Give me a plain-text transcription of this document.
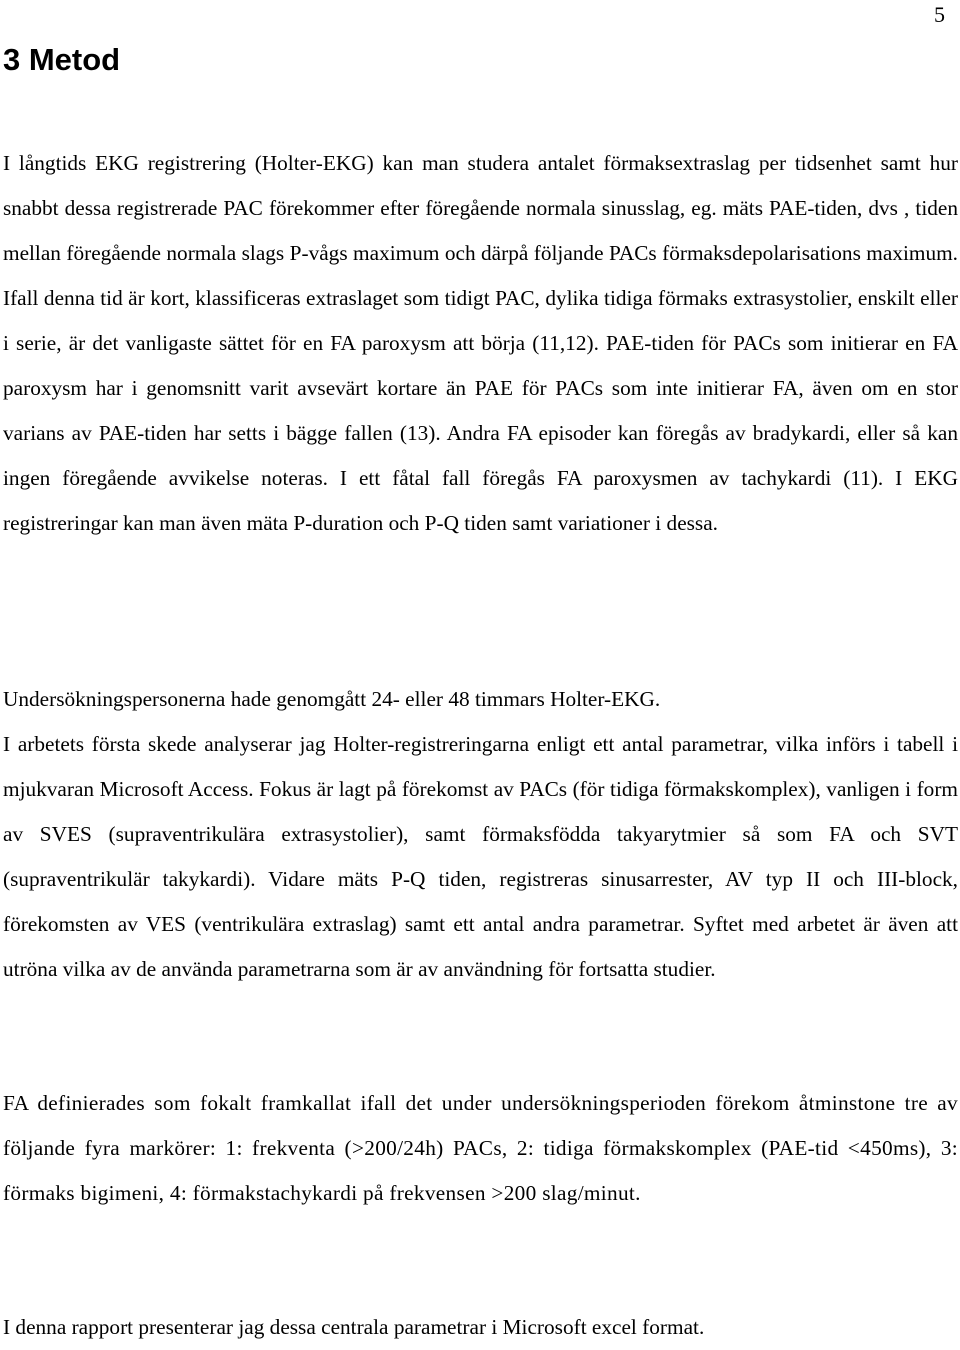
5
3 Metod

I långtids EKG registrering (Holter-EKG) kan man studera antalet förmaksextraslag per tidsenhet samt hur snabbt dessa registrerade PAC förekommer efter föregående normala sinusslag, eg. mäts PAE-tiden, dvs , tiden mellan föregående normala slags P-vågs maximum och därpå följande PACs förmaksdepolarisations maximum. Ifall denna tid är kort, klassificeras extraslaget som tidigt PAC, dylika tidiga förmaks extrasystolier, enskilt eller i serie, är det vanligaste sättet för en FA paroxysm att börja (11,12). PAE-tiden för PACs som initierar en FA paroxysm har i genomsnitt varit avsevärt kortare än PAE för PACs som inte initierar FA, även om en stor varians av PAE-tiden har setts i bägge fallen (13). Andra FA episoder kan föregås av bradykardi, eller så kan ingen föregående avvikelse noteras. I ett fåtal fall föregås FA paroxysmen av tachykardi (11). I EKG registreringar kan man även mäta P-duration och P-Q tiden samt variationer i dessa.

Undersökningspersonerna hade genomgått 24- eller 48 timmars Holter-EKG.

I arbetets första skede analyserar jag Holter-registreringarna enligt ett antal parametrar, vilka införs i tabell i mjukvaran Microsoft Access. Fokus är lagt på förekomst av PACs (för tidiga förmakskomplex), vanligen i form av SVES (supraventrikulära extrasystolier), samt förmaksfödda takyarytmier så som FA och SVT (supraventrikulär takykardi). Vidare mäts P-Q tiden, registreras sinusarrester, AV typ II och III-block, förekomsten av VES (ventrikulära extraslag) samt ett antal andra parametrar. Syftet med arbetet är även att utröna vilka av de använda parametrarna som är av användning för fortsatta studier.

FA definierades som fokalt framkallat ifall det under undersökningsperioden förekom åtminstone tre av följande fyra markörer: 1: frekventa (>200/24h) PACs, 2: tidiga förmakskomplex (PAE-tid <450ms), 3: förmaks bigimeni, 4: förmakstachykardi på frekvensen >200 slag/minut.

I denna rapport presenterar jag dessa centrala parametrar i Microsoft excel format.
